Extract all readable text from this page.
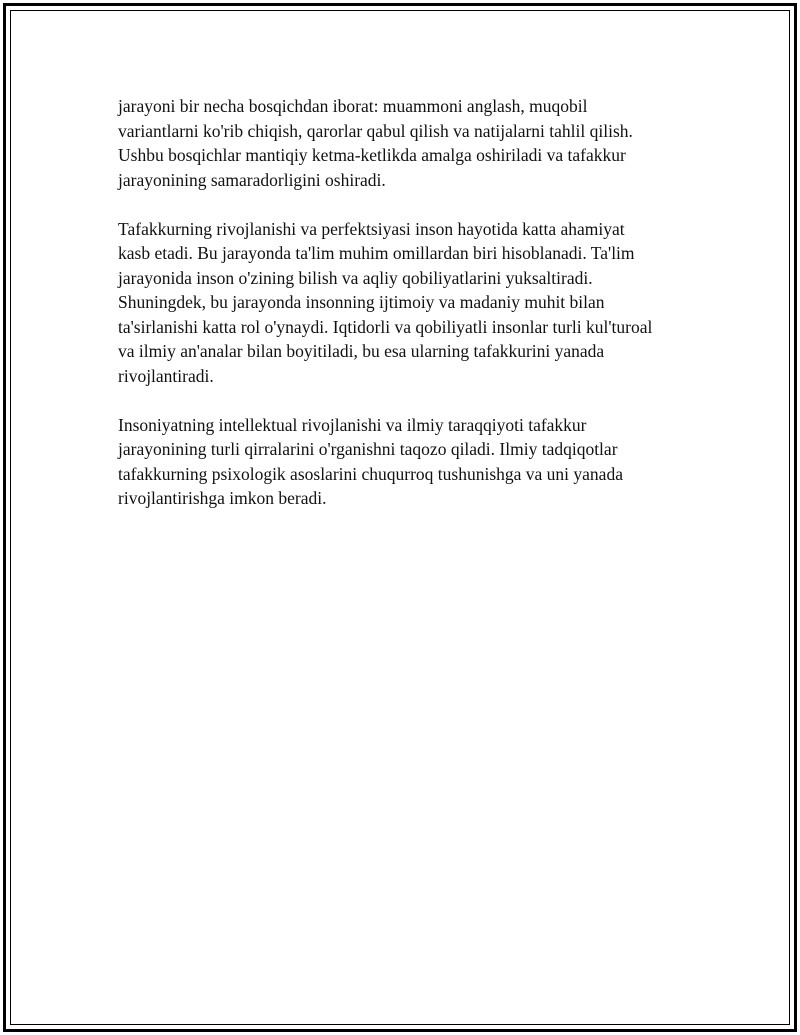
jarayoni bir necha bosqichdan iborat: muammoni anglash, muqobil
variantlarni ko'rib chiqish, qarorlar qabul qilish va natijalarni tahlil qilish.
Ushbu bosqichlar mantiqiy ketma-ketlikda amalga oshiriladi va tafakkur
jarayonining samaradorligini oshiradi.

Tafakkurning rivojlanishi va perfektsiyasi inson hayotida katta ahamiyat
kasb etadi. Bu jarayonda ta'lim muhim omillardan biri hisoblanadi. Ta'lim
jarayonida inson o'zining bilish va aqliy qobiliyatlarini yuksaltiradi.
Shuningdek, bu jarayonda insonning ijtimoiy va madaniy muhit bilan
ta'sirlanishi katta rol o'ynaydi. Iqtidorli va qobiliyatli insonlar turli kul'turoal
va ilmiy an'analar bilan boyitiladi, bu esa ularning tafakkurini yanada
rivojlantiradi.

Insoniyatning intellektual rivojlanishi va ilmiy taraqqiyoti tafakkur
jarayonining turli qirralarini o'rganishni taqozo qiladi. Ilmiy tadqiqotlar
tafakkurning psixologik asoslarini chuqurroq tushunishga va uni yanada
rivojlantirishga imkon beradi.
